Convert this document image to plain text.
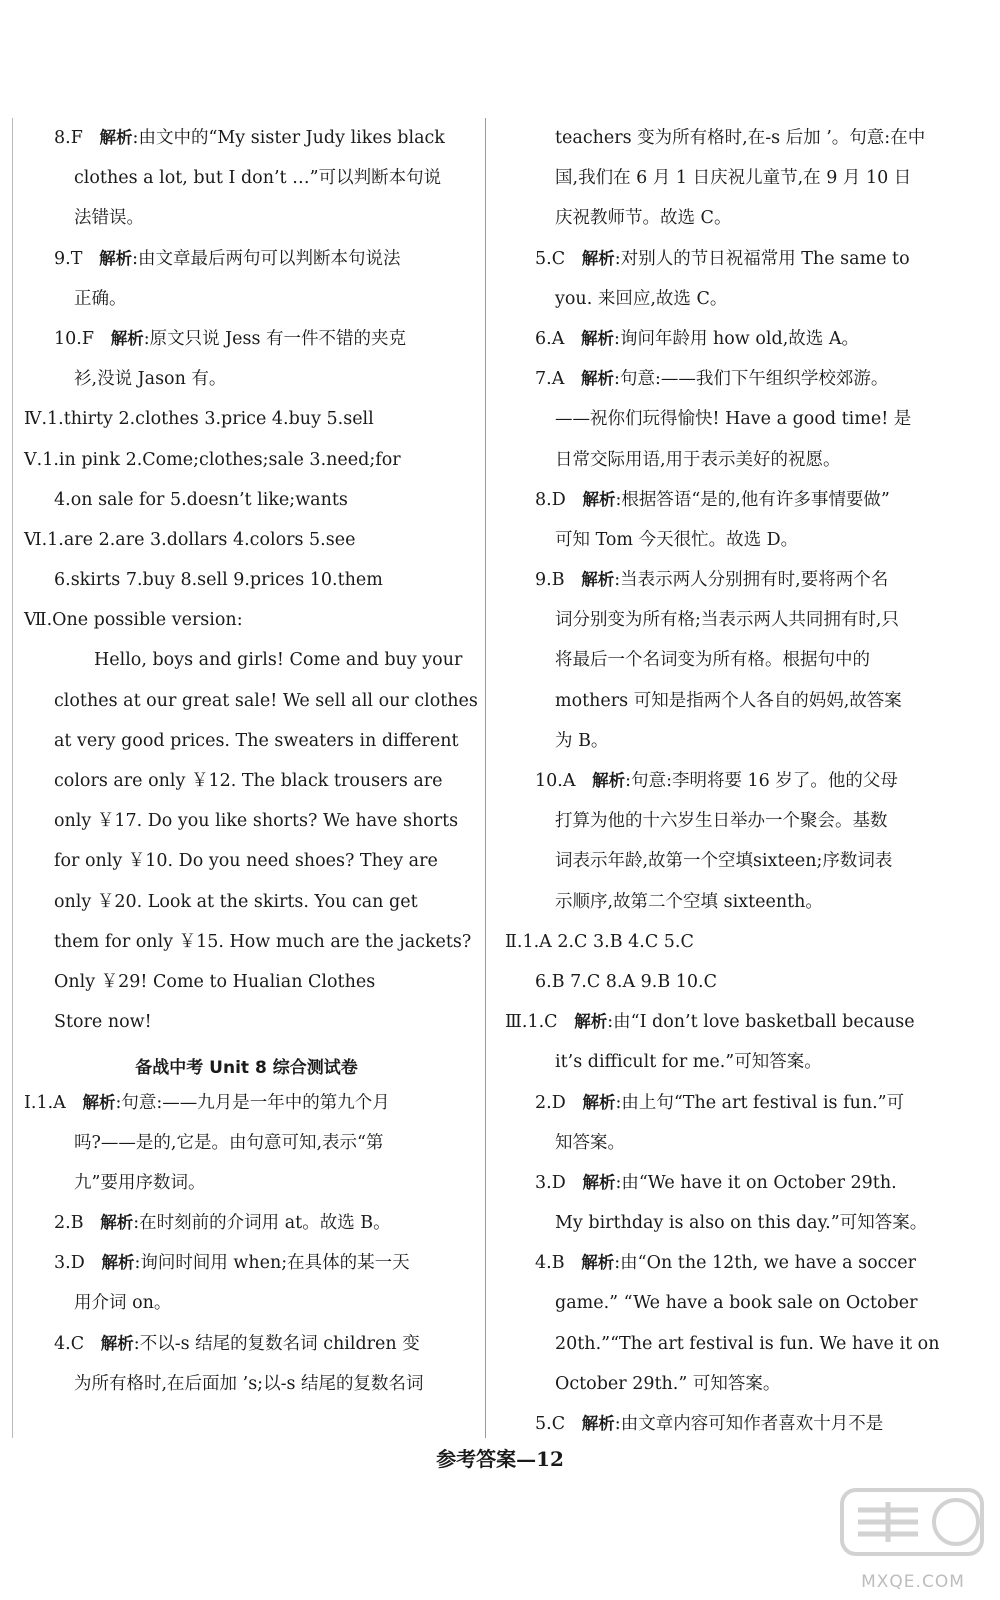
8.F 解析:由文中的“My sister Judy likes black
clothes a lot, but I don’t …”可以判断本句说
法错误。
9.T 解析:由文章最后两句可以判断本句说法
正确。
10.F 解析:原文只说 Jess 有一件不错的夹克
衫,没说 Jason 有。
Ⅳ.1.thirty 2.clothes 3.price 4.buy 5.sell
Ⅴ.1.in pink 2.Come;clothes;sale 3.need;for
4.on sale for 5.doesn’t like;wants
Ⅵ.1.are 2.are 3.dollars 4.colors 5.see
6.skirts 7.buy 8.sell 9.prices 10.them
Ⅶ.One possible version:
Hello, boys and girls! Come and buy your
clothes at our great sale! We sell all our clothes
at very good prices. The sweaters in different
colors are only ￥12. The black trousers are
only ￥17. Do you like shorts? We have shorts
for only ￥10. Do you need shoes? They are
only ￥20. Look at the skirts. You can get
them for only ￥15. How much are the jackets?
Only ￥29! Come to Hualian Clothes
Store now!
备战中考 Unit 8 综合测试卷
Ⅰ.1.A 解析:句意:——九月是一年中的第九个月
吗?——是的,它是。由句意可知,表示“第
九”要用序数词。
2.B 解析:在时刻前的介词用 at。故选 B。
3.D 解析:询问时间用 when;在具体的某一天
用介词 on。
4.C 解析:不以-s 结尾的复数名词 children 变
为所有格时,在后面加 ’s;以-s 结尾的复数名词
teachers 变为所有格时,在-s 后加 ’。句意:在中
国,我们在 6 月 1 日庆祝儿童节,在 9 月 10 日
庆祝教师节。故选 C。
5.C 解析:对别人的节日祝福常用 The same to
you. 来回应,故选 C。
6.A 解析:询问年龄用 how old,故选 A。
7.A 解析:句意:——我们下午组织学校郊游。
——祝你们玩得愉快! Have a good time! 是
日常交际用语,用于表示美好的祝愿。
8.D 解析:根据答语“是的,他有许多事情要做”
可知 Tom 今天很忙。故选 D。
9.B 解析:当表示两人分别拥有时,要将两个名
词分别变为所有格;当表示两人共同拥有时,只
将最后一个名词变为所有格。根据句中的
mothers 可知是指两个人各自的妈妈,故答案
为 B。
10.A 解析:句意:李明将要 16 岁了。他的父母
打算为他的十六岁生日举办一个聚会。基数
词表示年龄,故第一个空填sixteen;序数词表
示顺序,故第二个空填 sixteenth。
Ⅱ.1.A 2.C 3.B 4.C 5.C
6.B 7.C 8.A 9.B 10.C
Ⅲ.1.C 解析:由“I don’t love basketball because
it’s difficult for me.”可知答案。
2.D 解析:由上句“The art festival is fun.”可
知答案。
3.D 解析:由“We have it on October 29th.
My birthday is also on this day.”可知答案。
4.B 解析:由“On the 12th, we have a soccer
game.” “We have a book sale on October
20th.”“The art festival is fun. We have it on
October 29th.” 可知答案。
5.C 解析:由文章内容可知作者喜欢十月不是
参考答案—12
MXQE.COM
